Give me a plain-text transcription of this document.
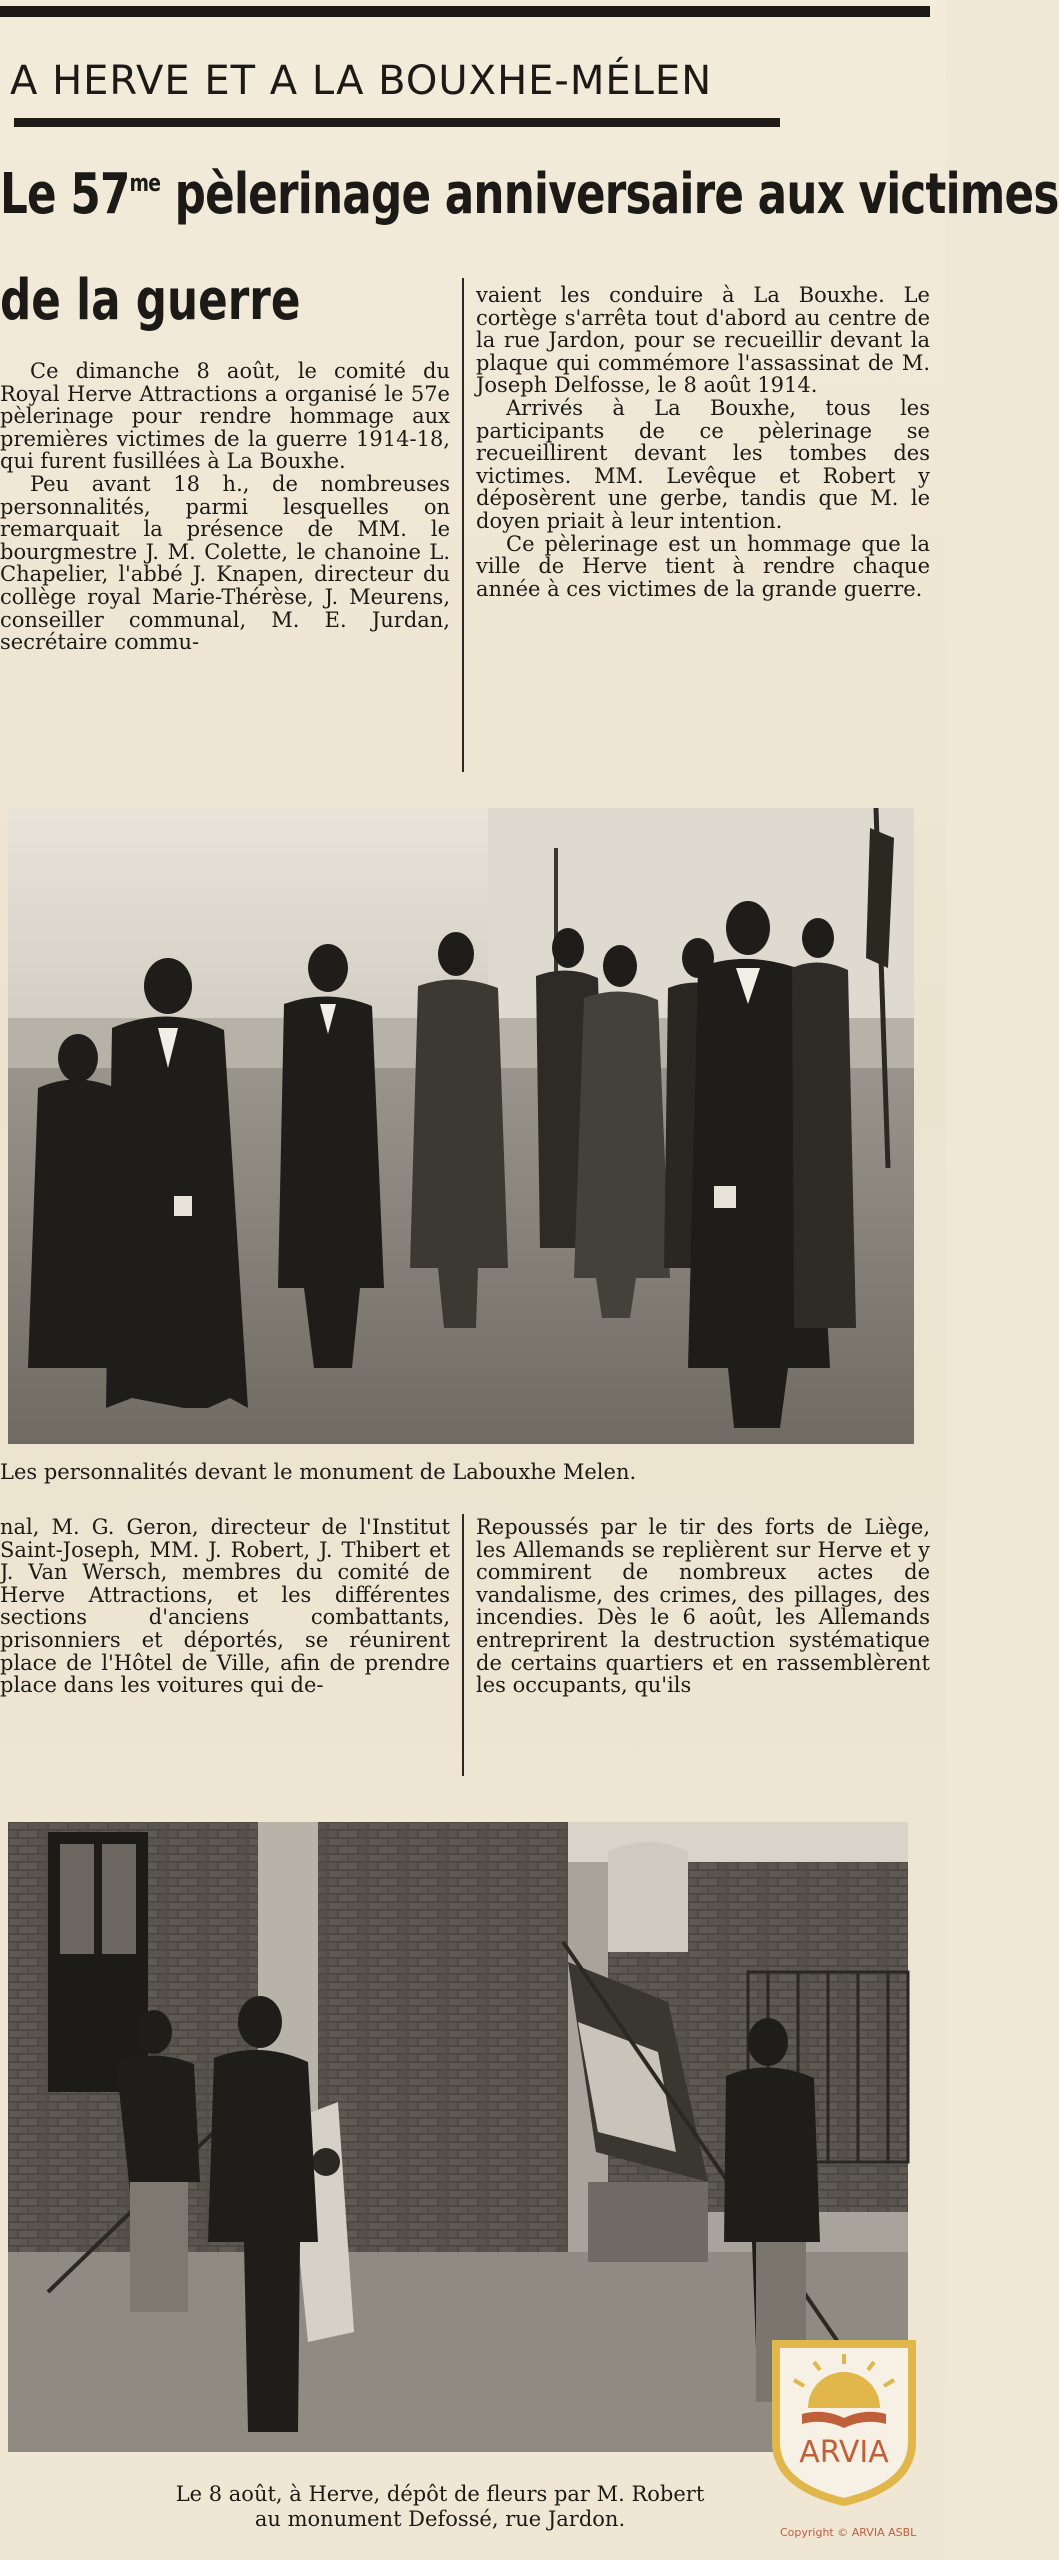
A HERVE ET A LA BOUXHE-MÉLEN
Le $57^{me}$ pèlerinage anniversaire aux victimes
de la guerre

Ce dimanche 8 août, le comité du Royal Herve Attractions a organisé le 57e pèlerinage pour rendre hommage aux premières victimes de la guerre 1914-18, qui furent fusillées à La Bouxhe.

Peu avant 18 h., de nombreuses personnalités, parmi lesquelles on remarquait la présence de MM. le bourgmestre J. M. Colette, le chanoine L. Chapelier, l'abbé J. Knapen, directeur du collège royal Marie-Thérèse, J. Meurens, conseiller communal, M. E. Jurdan, secrétaire commu-

vaient les conduire à La Bouxhe. Le cortège s'arrêta tout d'abord au centre de la rue Jardon, pour se recueillir devant la plaque qui commémore l'assassinat de M. Joseph Delfosse, le 8 août 1914.

Arrivés à La Bouxhe, tous les participants de ce pèlerinage se recueillirent devant les tombes des victimes. MM. Levêque et Robert y déposèrent une gerbe, tandis que M. le doyen priait à leur intention.

Ce pèlerinage est un hommage que la ville de Herve tient à rendre chaque année à ces victimes de la grande guerre.

Les personnalités devant le monument de Labouxhe Melen.

nal, M. G. Geron, directeur de l'Institut Saint-Joseph, MM. J. Robert, J. Thibert et J. Van Wersch, membres du comité de Herve Attractions, et les différentes sections d'anciens combattants, prisonniers et déportés, se réunirent place de l'Hôtel de Ville, afin de prendre place dans les voitures qui de-

Repoussés par le tir des forts de Liège, les Allemands se replièrent sur Herve et y commirent de nombreux actes de vandalisme, des crimes, des pillages, des incendies. Dès le 6 août, les Allemands entreprirent la destruction systématique de certains quartiers et en rassemblèrent les occupants, qu'ils

Le 8 août, à Herve, dépôt de fleurs par M. Robert
au monument Defossé, rue Jardon.
ARVIA
Copyright © ARVIA ASBL
